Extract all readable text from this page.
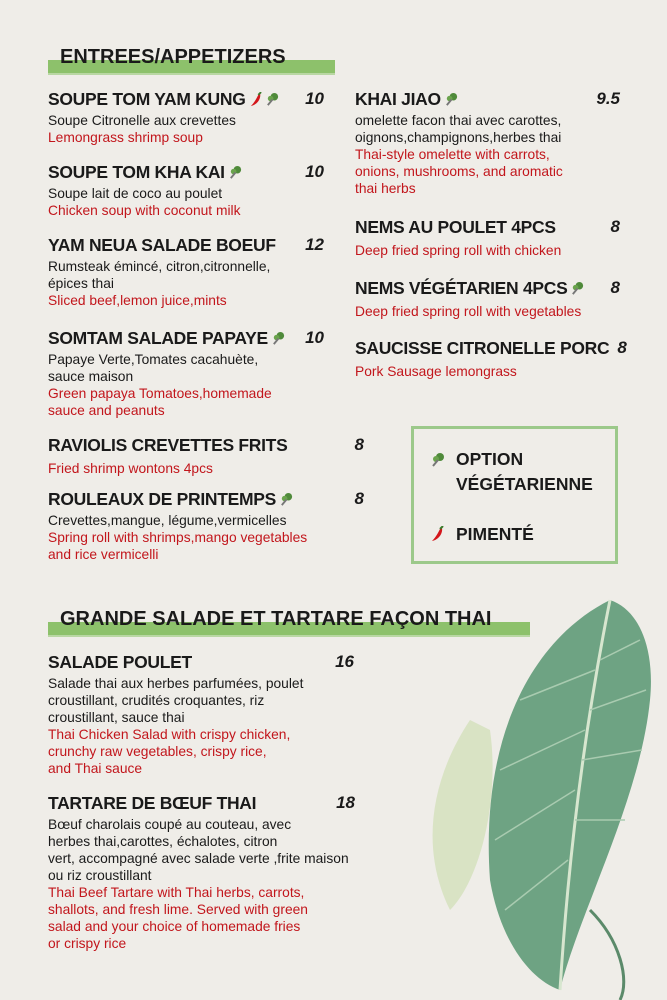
ENTREES/APPETIZERS
GRANDE SALADE ET TARTARE FAÇON THAI
SOUPE TOM YAM KUNG	10
Soupe Citronelle aux crevettes
Lemongrass shrimp soup
SOUPE TOM KHA KAI	10
Soupe lait de coco au poulet
Chicken soup with coconut milk
YAM NEUA SALADE BOEUF	12
Rumsteak émincé, citron,citronnelle,
épices thai
Sliced beef,lemon juice,mints
SOMTAM SALADE PAPAYE	10
Papaye Verte,Tomates cacahuète,
sauce maison
Green papaya Tomatoes,homemade
sauce and peanuts
RAVIOLIS CREVETTES FRITS	8
Fried shrimp wontons 4pcs
ROULEAUX DE PRINTEMPS	8
Crevettes,mangue, légume,vermicelles
Spring roll with shrimps,mango vegetables
and rice vermicelli
KHAI JIAO	9.5
omelette facon thai avec carottes,
oignons,champignons,herbes thai
Thai-style omelette with carrots,
onions, mushrooms, and aromatic
thai herbs
NEMS AU POULET 4PCS	8
Deep fried spring roll with chicken
NEMS VÉGÉTARIEN 4PCS	8
Deep fried spring roll with vegetables
SAUCISSE CITRONELLE PORC 8
Pork Sausage lemongrass
SALADE POULET	16
Salade thai aux herbes parfumées, poulet
croustillant, crudités croquantes, riz
croustillant, sauce thai
Thai Chicken Salad with crispy chicken,
crunchy raw vegetables, crispy rice,
and Thai sauce
TARTARE DE BŒUF THAI	18
Bœuf charolais coupé au couteau, avec
herbes thai,carottes, échalotes, citron
vert, accompagné avec salade verte ,frite maison
ou riz croustillant
Thai Beef Tartare with Thai herbs, carrots,
shallots, and fresh lime. Served with green
salad and your choice of homemade fries
or crispy rice
OPTION
VÉGÉTARIENNE
PIMENTÉ
